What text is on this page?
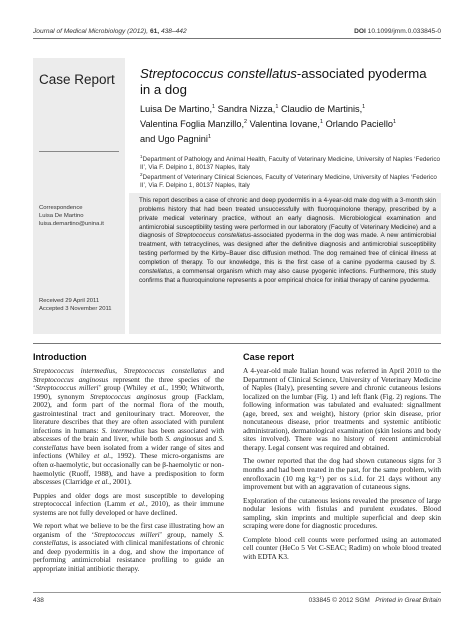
Journal of Medical Microbiology (2012), 61, 438–442	DOI 10.1099/jmm.0.033845-0
Case Report
Correspondence
Luisa De Martino
luisa.demartino@unina.it
Received 29 April 2011
Accepted 3 November 2011
Streptococcus constellatus-associated pyoderma in a dog
Luisa De Martino,$^1$ Sandra Nizza,$^1$ Claudio de Martinis,$^1$
Valentina Foglia Manzillo,$^2$ Valentina Iovane,$^1$ Orlando Paciello$^1$
and Ugo Pagnini$^1$
$^1$Department of Pathology and Animal Health, Faculty of Veterinary Medicine, University of Naples ‘Federico II’, Via F. Delpino 1, 80137 Naples, Italy
$^2$Department of Veterinary Clinical Sciences, Faculty of Veterinary Medicine, University of Naples ‘Federico II’, Via F. Delpino 1, 80137 Naples, Italy
This report describes a case of chronic and deep pyodermitis in a 4-year-old male dog with a 3-month skin problems history that had been treated unsuccessfully with fluoroquinolone therapy, prescribed by a private medical veterinary practice, without an early diagnosis. Microbiological examination and antimicrobial susceptibility testing were performed in our laboratory (Faculty of Veterinary Medicine) and a diagnosis of Streptococcus constellatus-associated pyoderma in the dog was made. A new antimicrobial treatment, with tetracyclines, was designed after the definitive diagnosis and antimicrobial susceptibility testing performed by the Kirby–Bauer disc diffusion method. The dog remained free of clinical illness at completion of therapy. To our knowledge, this is the first case of a canine pyoderma caused by S. constellatus, a commensal organism which may also cause pyogenic infections. Furthermore, this study confirms that a fluoroquinolone represents a poor empirical choice for initial therapy of canine pyoderma.
Introduction

Streptococcus intermedius, Streptococcus constellatus and Streptococcus anginosus represent the three species of the ‘Streptococcus milleri’ group (Whiley et al., 1990; Whitworth, 1990), synonym Streptococcus anginosus group (Facklam, 2002), and form part of the normal flora of the mouth, gastrointestinal tract and genitourinary tract. Moreover, the literature describes that they are often associated with purulent infections in humans: S. intermedius has been associated with abscesses of the brain and liver, while both S. anginosus and S. constellatus have been isolated from a wider range of sites and infections (Whiley et al., 1992). These micro-organisms are often α-haemolytic, but occasionally can be β-haemolytic or non-haemolytic (Ruoff, 1988), and have a predisposition to form abscesses (Clarridge et al., 2001).

Puppies and older dogs are most susceptible to developing streptococcal infection (Lamm et al., 2010), as their immune systems are not fully developed or have declined.

We report what we believe to be the first case illustrating how an organism of the ‘Streptococcus milleri’ group, namely S. constellatus, is associated with clinical manifestations of chronic and deep pyodermitis in a dog, and show the importance of performing antimicrobial resistance profiling to guide an appropriate initial antibiotic therapy.

Case report

A 4-year-old male Italian hound was referred in April 2010 to the Department of Clinical Science, University of Veterinary Medicine of Naples (Italy), presenting severe and chronic cutaneous lesions localized on the lumbar (Fig. 1) and left flank (Fig. 2) regions. The following information was tabulated and evaluated: signallment (age, breed, sex and weight), history (prior skin disease, prior noncutaneous disease, prior treatments and systemic antibiotic administration), dermatological examination (skin lesions and body sites involved). There was no history of recent antimicrobial therapy. Legal consent was required and obtained.

The owner reported that the dog had shown cutaneous signs for 3 months and had been treated in the past, for the same problem, with enrofloxacin (10 mg kg⁻¹) per os s.i.d. for 21 days without any improvement but with an aggravation of cutaneous signs.

Exploration of the cutaneous lesions revealed the presence of large nodular lesions with fistulas and purulent exudates. Blood sampling, skin imprints and multiple superficial and deep skin scraping were done for diagnostic procedures.

Complete blood cell counts were performed using an automated cell counter (HeCo 5 Vet C-SEAC; Radim) on whole blood treated with EDTA K3.

438	033845 © 2012 SGM Printed in Great Britain
